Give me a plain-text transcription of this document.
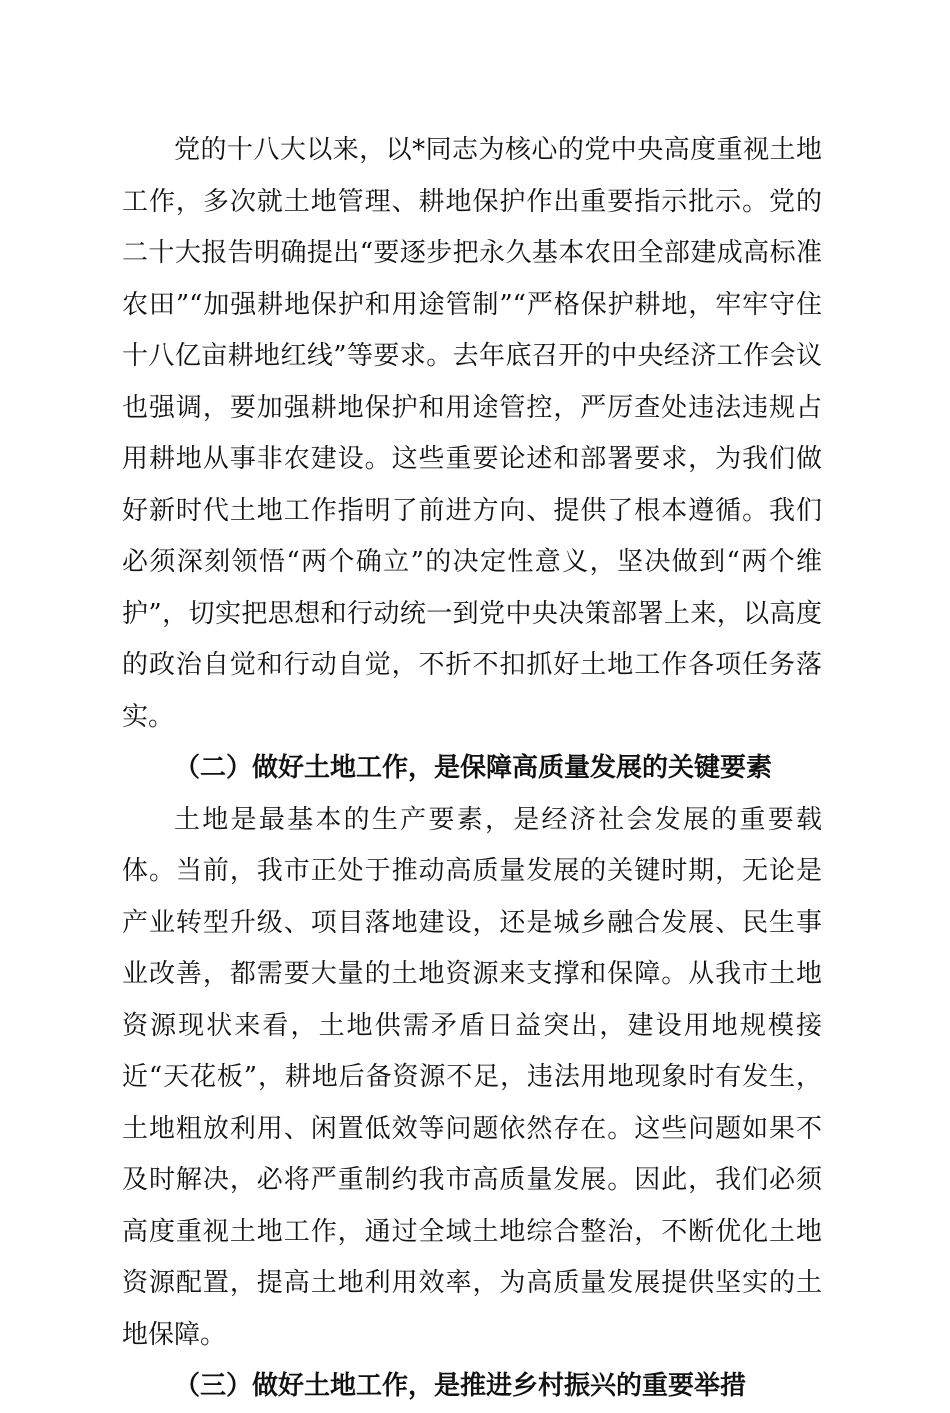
党的十八大以来，以*同志为核心的党中央高度重视土地工作，多次就土地管理、耕地保护作出重要指示批示。党的二十大报告明确提出“要逐步把永久基本农田全部建成高标准农田”“加强耕地保护和用途管制”“严格保护耕地，牢牢守住十八亿亩耕地红线”等要求。去年底召开的中央经济工作会议也强调，要加强耕地保护和用途管控，严厉查处违法违规占用耕地从事非农建设。这些重要论述和部署要求，为我们做好新时代土地工作指明了前进方向、提供了根本遵循。我们必须深刻领悟“两个确立”的决定性意义，坚决做到“两个维护”，切实把思想和行动统一到党中央决策部署上来，以高度的政治自觉和行动自觉，不折不扣抓好土地工作各项任务落实。

（二）做好土地工作，是保障高质量发展的关键要素

土地是最基本的生产要素，是经济社会发展的重要载体。当前，我市正处于推动高质量发展的关键时期，无论是产业转型升级、项目落地建设，还是城乡融合发展、民生事业改善，都需要大量的土地资源来支撑和保障。从我市土地资源现状来看，土地供需矛盾日益突出，建设用地规模接近“天花板”，耕地后备资源不足，违法用地现象时有发生，土地粗放利用、闲置低效等问题依然存在。这些问题如果不及时解决，必将严重制约我市高质量发展。因此，我们必须高度重视土地工作，通过全域土地综合整治，不断优化土地资源配置，提高土地利用效率，为高质量发展提供坚实的土地保障。

（三）做好土地工作，是推进乡村振兴的重要举措
